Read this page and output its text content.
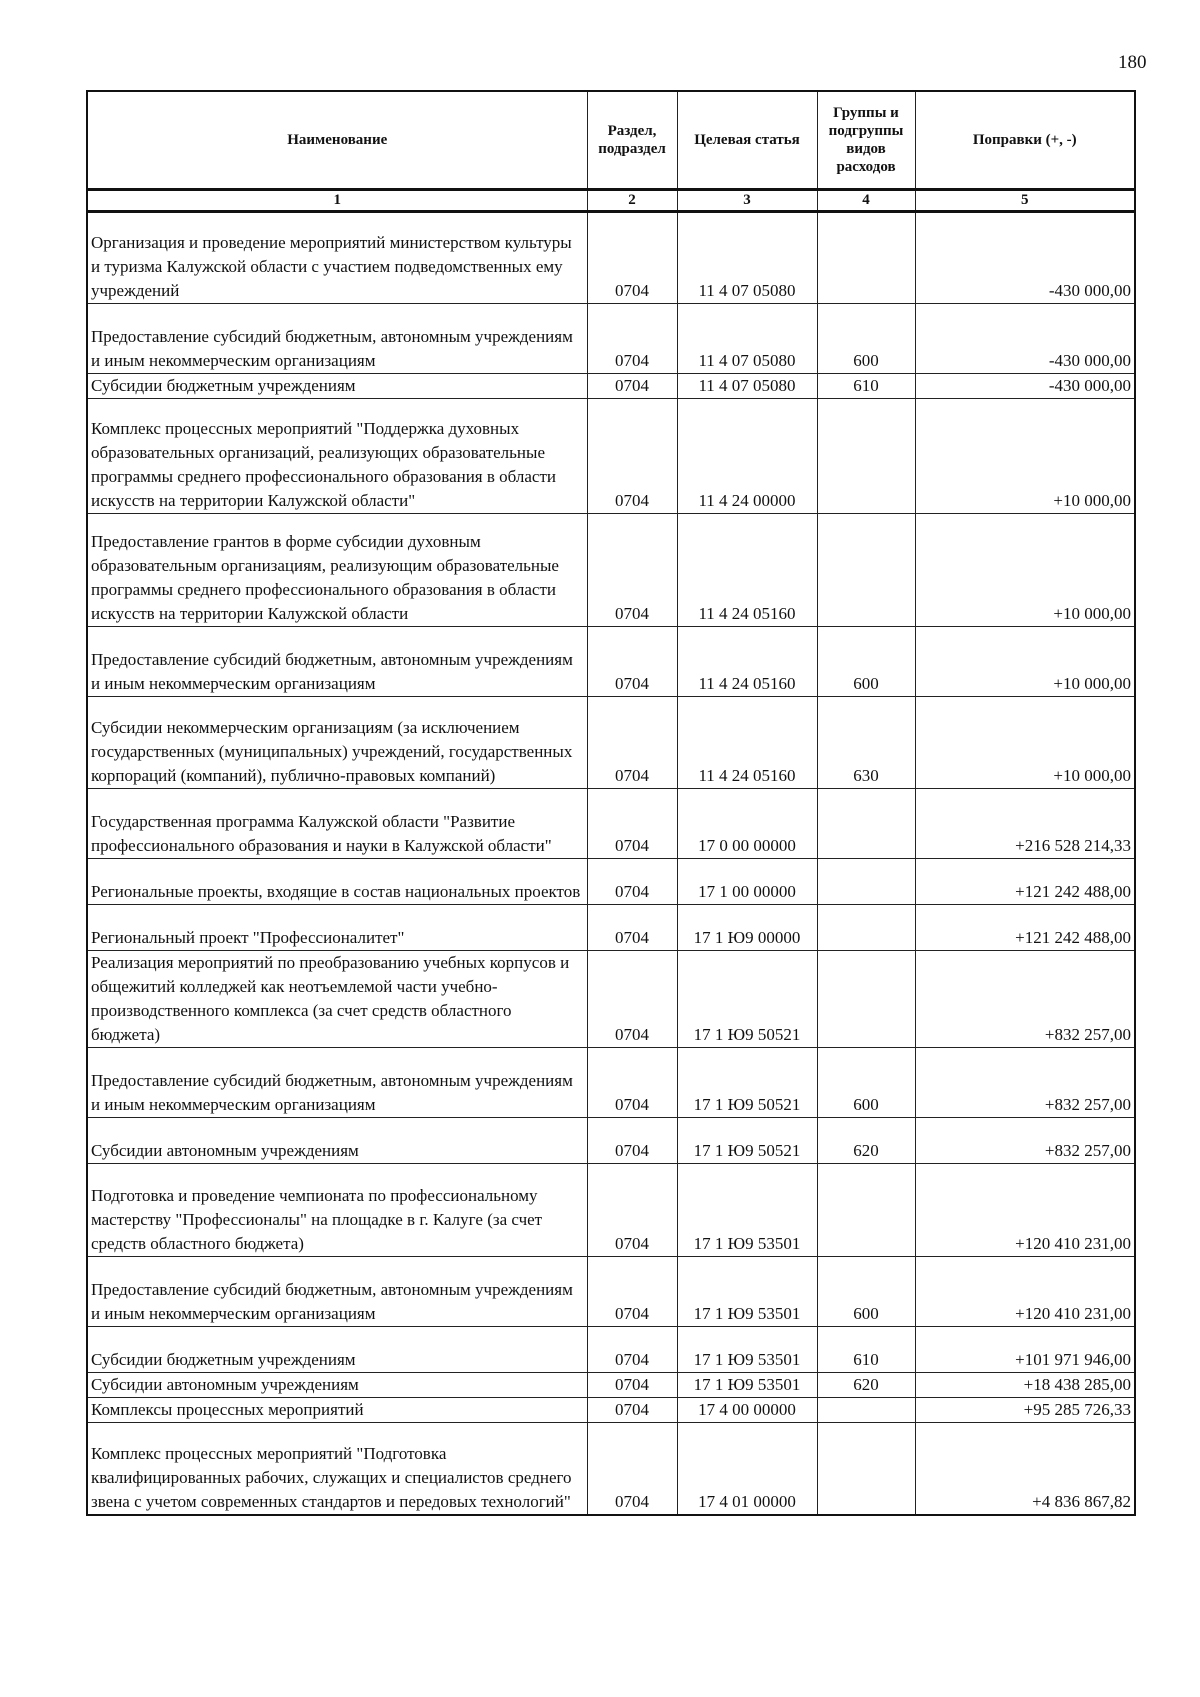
180
Наименование	Раздел, подраздел	Целевая статья	Группы и подгруппы видов расходов	Поправки (+, -)
1	2	3	4	5
Организация и проведение мероприятий министерством культуры и туризма Калужской области с участием подведомственных ему учреждений	0704	11 4 07 05080		-430 000,00
Предоставление субсидий бюджетным, автономным учреждениям и иным некоммерческим организациям	0704	11 4 07 05080	600	-430 000,00
Субсидии бюджетным учреждениям	0704	11 4 07 05080	610	-430 000,00
Комплекс процессных мероприятий "Поддержка духовных образовательных организаций, реализующих образовательные программы среднего профессионального образования в области искусств на территории Калужской области"	0704	11 4 24 00000		+10 000,00
Предоставление грантов в форме субсидии духовным образовательным организациям, реализующим образовательные программы среднего профессионального образования в области искусств на территории Калужской области	0704	11 4 24 05160		+10 000,00
Предоставление субсидий бюджетным, автономным учреждениям и иным некоммерческим организациям	0704	11 4 24 05160	600	+10 000,00
Субсидии некоммерческим организациям (за исключением государственных (муниципальных) учреждений, государственных корпораций (компаний), публично-правовых компаний)	0704	11 4 24 05160	630	+10 000,00
Государственная программа Калужской области "Развитие профессионального образования и науки в Калужской области"	0704	17 0 00 00000		+216 528 214,33
Региональные проекты, входящие в состав национальных проектов	0704	17 1 00 00000		+121 242 488,00
Региональный проект "Профессионалитет"	0704	17 1 Ю9 00000		+121 242 488,00
Реализация мероприятий по преобразованию учебных корпусов и общежитий колледжей как неотъемлемой части учебно-производственного комплекса (за счет средств областного бюджета)	0704	17 1 Ю9 50521		+832 257,00
Предоставление субсидий бюджетным, автономным учреждениям и иным некоммерческим организациям	0704	17 1 Ю9 50521	600	+832 257,00
Субсидии автономным учреждениям	0704	17 1 Ю9 50521	620	+832 257,00
Подготовка и проведение чемпионата по профессиональному мастерству "Профессионалы" на площадке в г. Калуге (за счет средств областного бюджета)	0704	17 1 Ю9 53501		+120 410 231,00
Предоставление субсидий бюджетным, автономным учреждениям и иным некоммерческим организациям	0704	17 1 Ю9 53501	600	+120 410 231,00
Субсидии бюджетным учреждениям	0704	17 1 Ю9 53501	610	+101 971 946,00
Субсидии автономным учреждениям	0704	17 1 Ю9 53501	620	+18 438 285,00
Комплексы процессных мероприятий	0704	17 4 00 00000		+95 285 726,33
Комплекс процессных мероприятий "Подготовка квалифицированных рабочих, служащих и специалистов среднего звена с учетом современных стандартов и передовых технологий"	0704	17 4 01 00000		+4 836 867,82
